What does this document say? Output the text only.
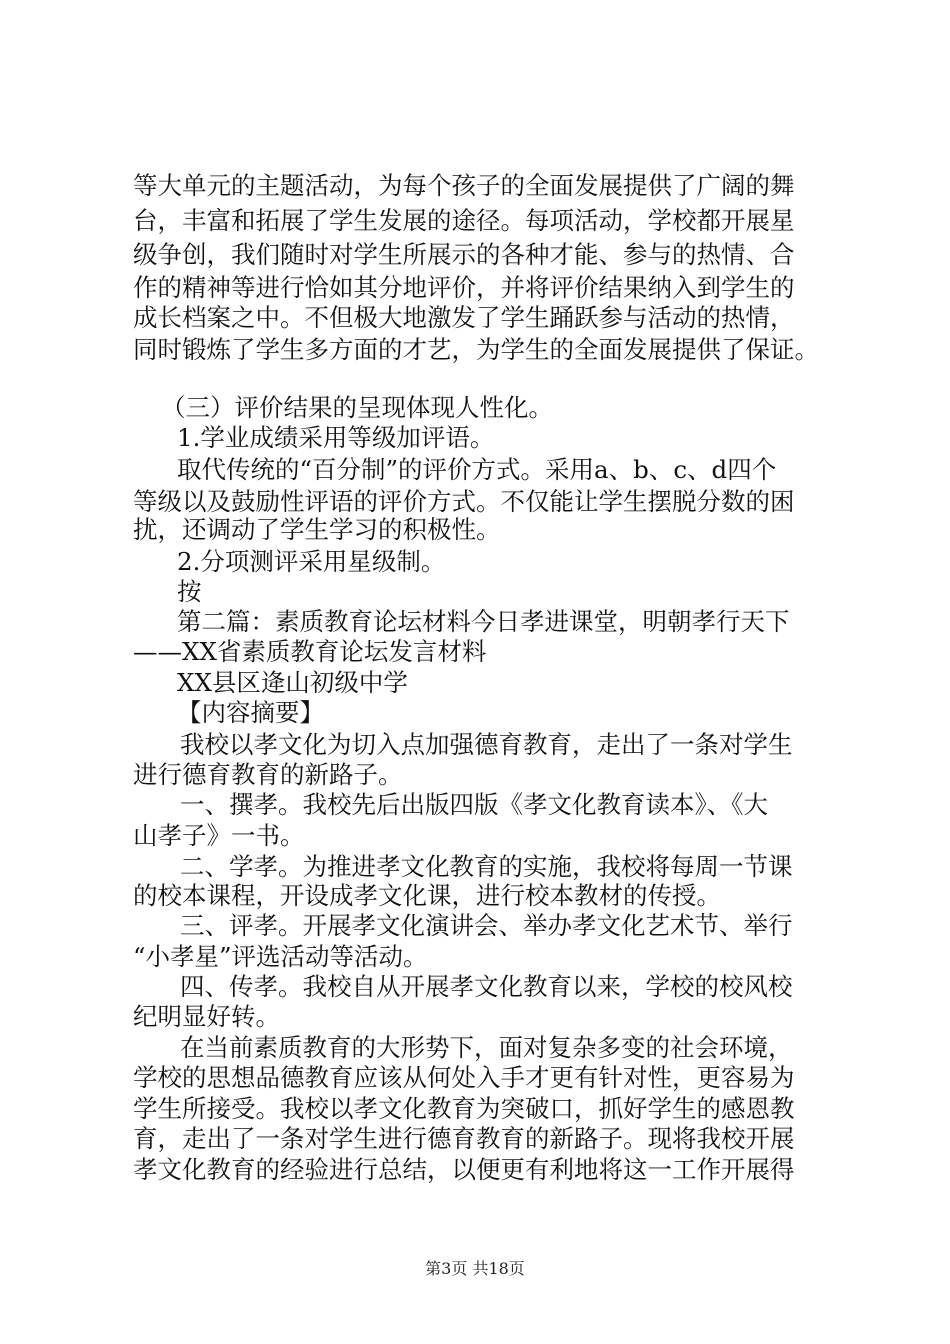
等大单元的主题活动，为每个孩子的全面发展提供了广阔的舞
台，丰富和拓展了学生发展的途径。每项活动，学校都开展星
级争创，我们随时对学生所展示的各种才能、参与的热情、合
作的精神等进行恰如其分地评价，并将评价结果纳入到学生的
成长档案之中。不但极大地激发了学生踊跃参与活动的热情，
同时锻炼了学生多方面的才艺，为学生的全面发展提供了保证。
（三）评价结果的呈现体现人性化。
1.学业成绩采用等级加评语。
取代传统的“百分制”的评价方式。采用a、b、c、d四个
等级以及鼓励性评语的评价方式。不仅能让学生摆脱分数的困
扰，还调动了学生学习的积极性。
2.分项测评采用星级制。
按
第二篇：素质教育论坛材料今日孝进课堂，明朝孝行天下
——XX省素质教育论坛发言材料
XX县区逄山初级中学
【内容摘要】
我校以孝文化为切入点加强德育教育，走出了一条对学生
进行德育教育的新路子。
一、撰孝。我校先后出版四版《孝文化教育读本》、《大
山孝子》一书。
二、学孝。为推进孝文化教育的实施，我校将每周一节课
的校本课程，开设成孝文化课，进行校本教材的传授。
三、评孝。开展孝文化演讲会、举办孝文化艺术节、举行
“小孝星”评选活动等活动。
四、传孝。我校自从开展孝文化教育以来，学校的校风校
纪明显好转。
在当前素质教育的大形势下，面对复杂多变的社会环境，
学校的思想品德教育应该从何处入手才更有针对性，更容易为
学生所接受。我校以孝文化教育为突破口，抓好学生的感恩教
育，走出了一条对学生进行德育教育的新路子。现将我校开展
孝文化教育的经验进行总结，以便更有利地将这一工作开展得
第3页 共18页
